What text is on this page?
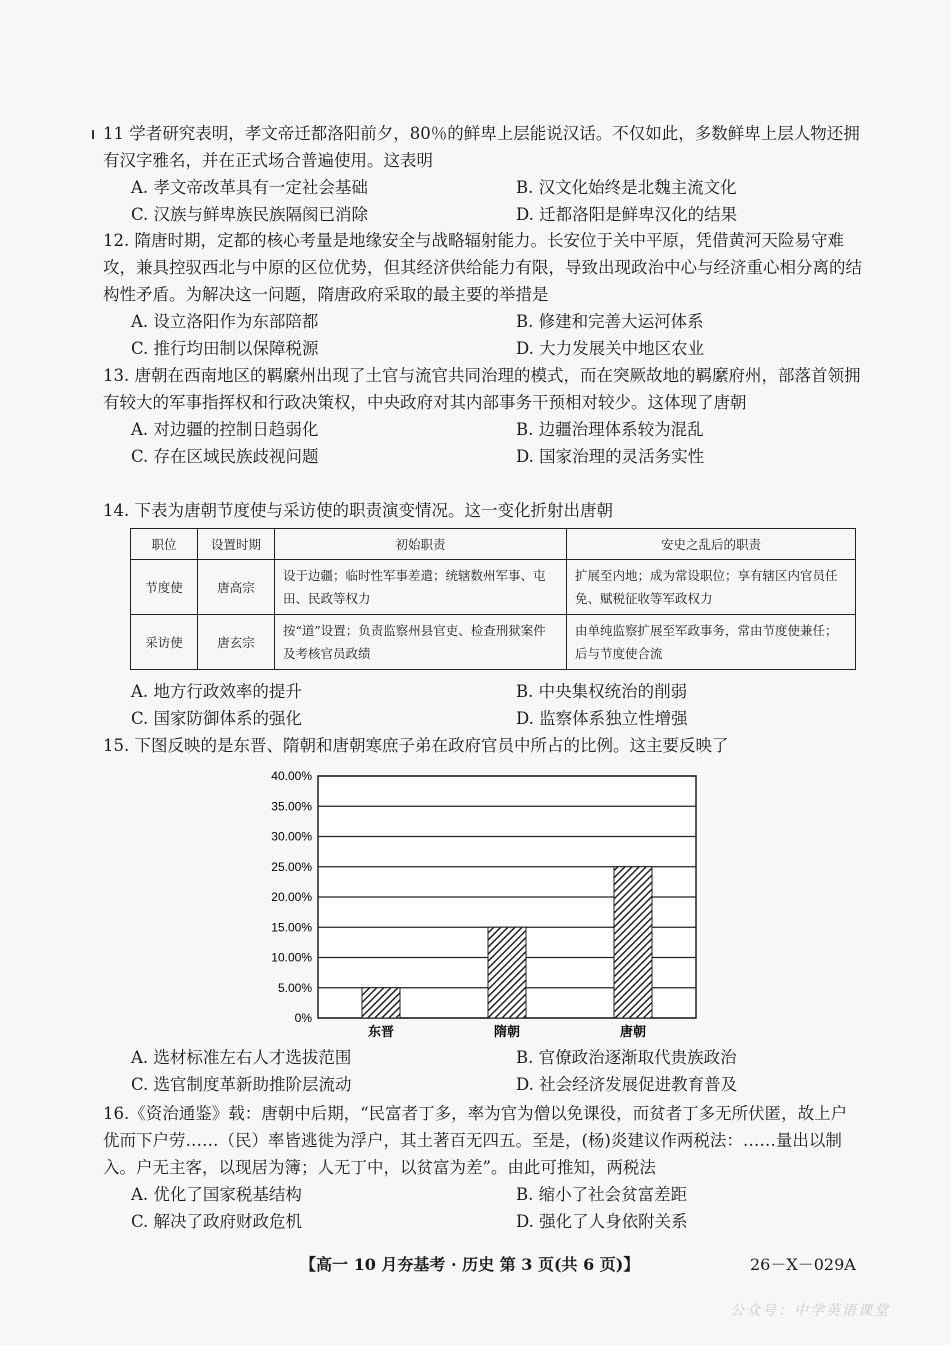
11 学者研究表明，孝文帝迁都洛阳前夕，80％的鲜卑上层能说汉话。不仅如此，多数鲜卑上层人物还拥有汉字雅名，并在正式场合普遍使用。这表明

A. 孝文帝改革具有一定社会基础	B. 汉文化始终是北魏主流文化
C. 汉族与鲜卑族民族隔阂已消除	D. 迁都洛阳是鲜卑汉化的结果

12. 隋唐时期，定都的核心考量是地缘安全与战略辐射能力。长安位于关中平原，凭借黄河天险易守难攻，兼具控驭西北与中原的区位优势，但其经济供给能力有限，导致出现政治中心与经济重心相分离的结构性矛盾。为解决这一问题，隋唐政府采取的最主要的举措是

A. 设立洛阳作为东部陪都	B. 修建和完善大运河体系
C. 推行均田制以保障税源	D. 大力发展关中地区农业

13. 唐朝在西南地区的羁縻州出现了土官与流官共同治理的模式，而在突厥故地的羁縻府州，部落首领拥有较大的军事指挥权和行政决策权，中央政府对其内部事务干预相对较少。这体现了唐朝

A. 对边疆的控制日趋弱化	B. 边疆治理体系较为混乱
C. 存在区域民族歧视问题	D. 国家治理的灵活务实性

14. 下表为唐朝节度使与采访使的职责演变情况。这一变化折射出唐朝

职位	设置时期	初始职责	安史之乱后的职责
节度使	唐高宗	设于边疆；临时性军事差遣；统辖数州军事、屯田、民政等权力	扩展至内地；成为常设职位；享有辖区内官员任免、赋税征收等军政权力
采访使	唐玄宗	按“道”设置；负责监察州县官吏、检查刑狱案件及考核官员政绩	由单纯监察扩展至军政事务，常由节度使兼任；后与节度使合流
A. 地方行政效率的提升	B. 中央集权统治的削弱
C. 国家防御体系的强化	D. 监察体系独立性增强

15. 下图反映的是东晋、隋朝和唐朝寒庶子弟在政府官员中所占的比例。这主要反映了

0%
5.00%
10.00%
15.00%
20.00%
25.00%
30.00%
35.00%
40.00%
东晋	隋朝	唐朝
A. 选材标准左右人才选拔范围	B. 官僚政治逐渐取代贵族政治
C. 选官制度革新助推阶层流动	D. 社会经济发展促进教育普及

16.《资治通鉴》载：唐朝中后期，“民富者丁多，率为官为僧以免课役，而贫者丁多无所伏匿，故上户优而下户劳……（民）率皆逃徙为浮户，其土著百无四五。至是，(杨)炎建议作两税法：……量出以制入。户无主客，以现居为簿；人无丁中，以贫富为差”。由此可推知，两税法

A. 优化了国家税基结构	B. 缩小了社会贫富差距
C. 解决了政府财政危机	D. 强化了人身依附关系
【高一 10 月夯基考 · 历史 第 3 页(共 6 页)】	26－X－029A
公众号：中学英语课堂
